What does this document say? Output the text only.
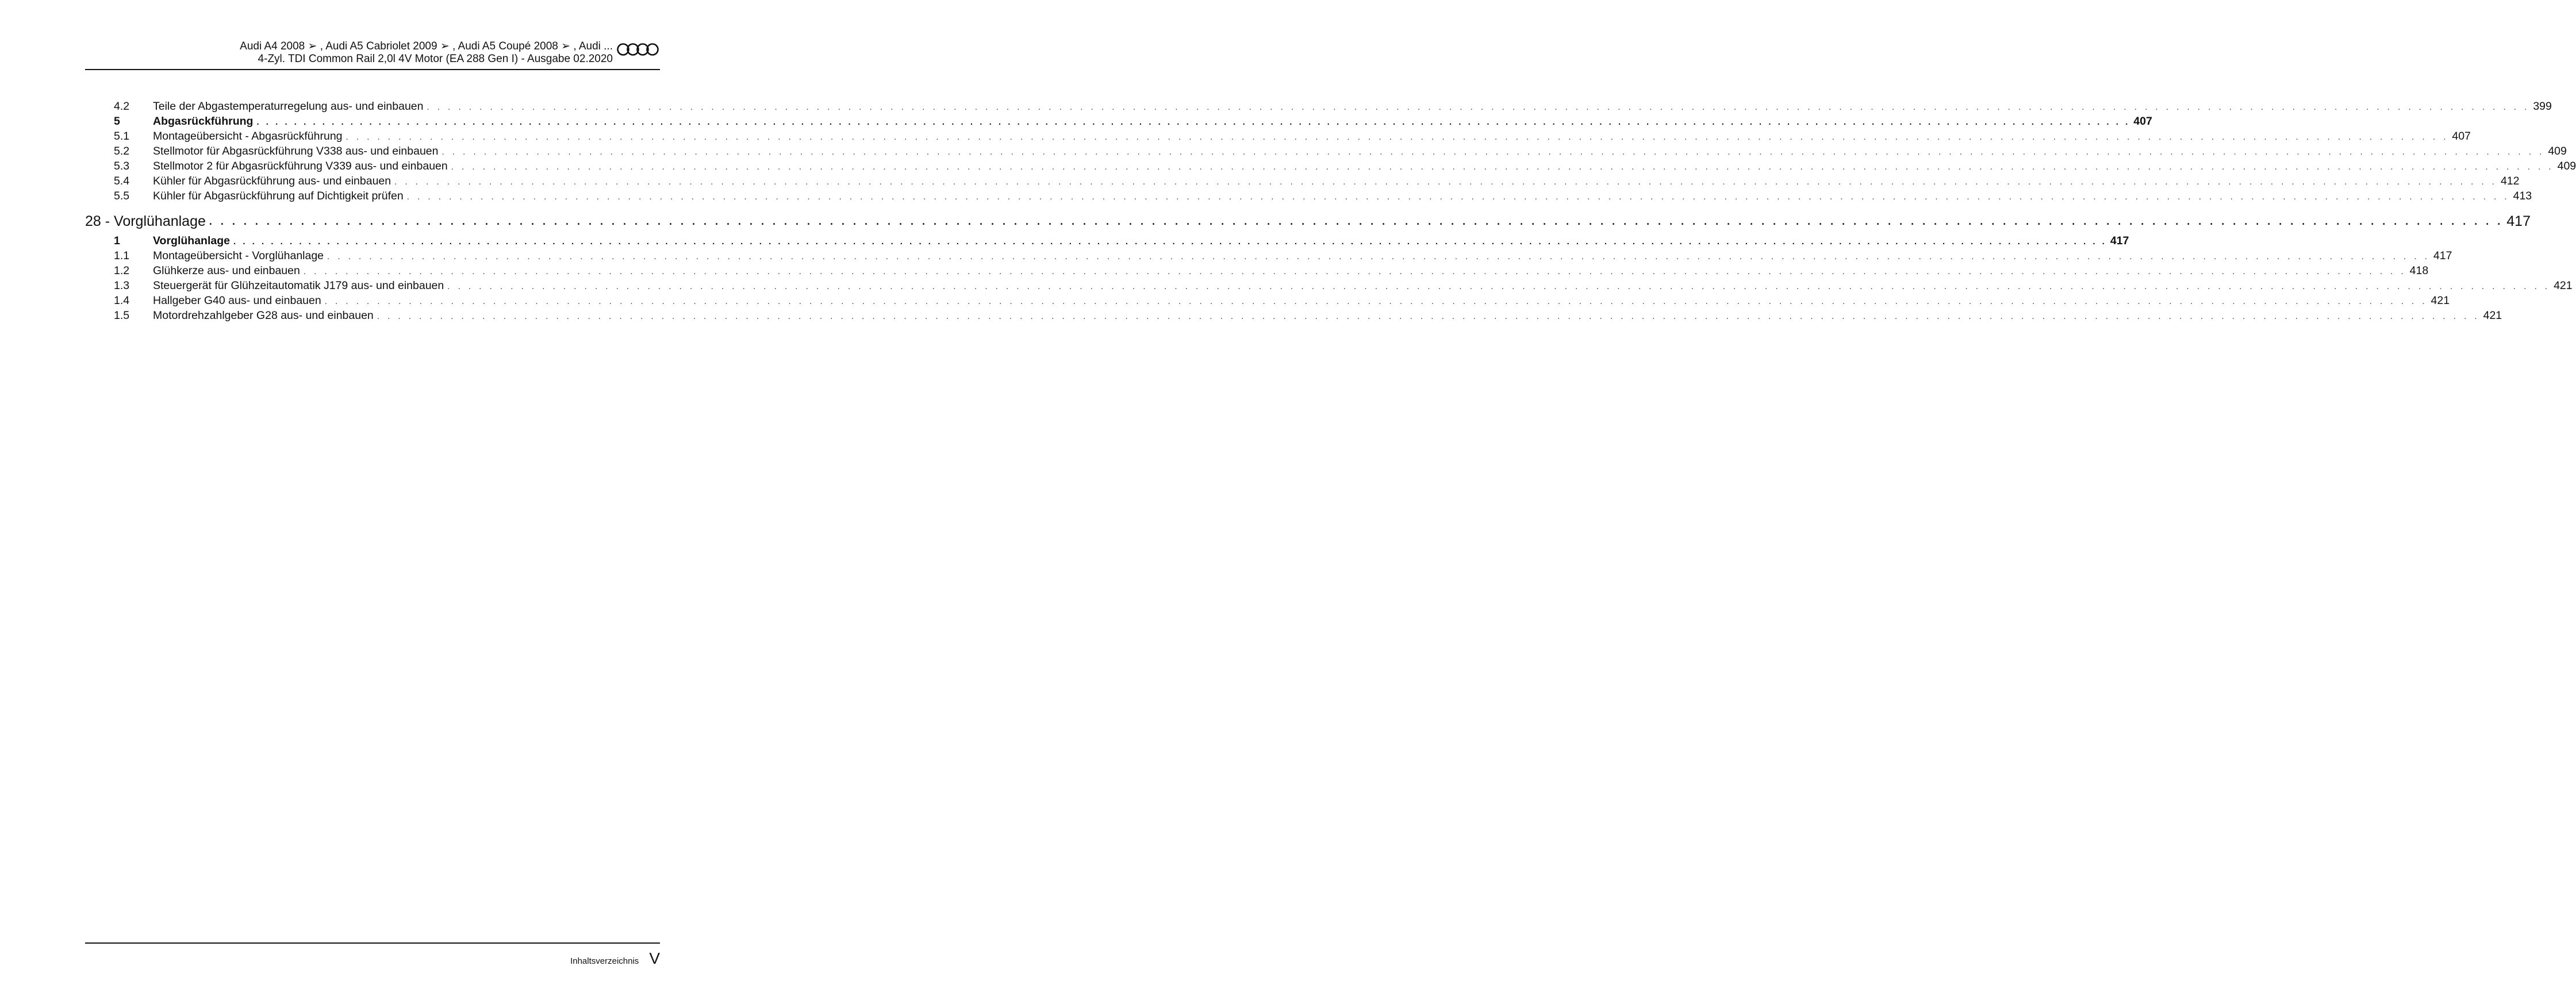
Audi A4 2008 ➢ , Audi A5 Cabriolet 2009 ➢ , Audi A5 Coupé 2008 ➢ , Audi ...
4-Zyl. TDI Common Rail 2,0l 4V Motor (EA 288 Gen I) - Ausgabe 02.2020
4.2 Teile der Abgastemperaturregelung aus- und einbauen . . . . . . . . . . . . . . . . . . . . . . . . . . . . . . . . . . . . . . . . . . . . . . . . . . . . . . . . . . . . . . . . . . . . . . . . . . . . . . . . . . . . . . . . . . . . . . . . . . . . . . . . . . . . . . . . . . . . . . . . . . . . . . . . . . . . . . . . . . . . . . . . . . . . . . . . . . . . . . . . . . . . . . . . . . . . . . . . . . . . . . . . . . . . . . . . . . . . . . . . 399
5	Abgasrückführung . . . . . . . . . . . . . . . . . . . . . . . . . . . . . . . . . . . . . . . . . . . . . . . . . . . . . . . . . . . . . . . . . . . . . . . . . . . . . . . . . . . . . . . . . . . . . . . . . . . . . . . . . . . . . . . . . . . . . . . . . . . . . . . . . . . . . . . . . . . . . . . . . . . . . . . . . . . . . . . . . . . . . . . . . . . . . . . . . . . . . . . . . . . . . . . . . . . . . . . . 407
5.1 Montageübersicht - Abgasrückführung . . . . . . . . . . . . . . . . . . . . . . . . . . . . . . . . . . . . . . . . . . . . . . . . . . . . . . . . . . . . . . . . . . . . . . . . . . . . . . . . . . . . . . . . . . . . . . . . . . . . . . . . . . . . . . . . . . . . . . . . . . . . . . . . . . . . . . . . . . . . . . . . . . . . . . . . . . . . . . . . . . . . . . . . . . . . . . . . . . . . . . . . . . . . . . . . . . . . . . . . 407
5.2 Stellmotor für Abgasrückführung V338 aus- und einbauen . . . . . . . . . . . . . . . . . . . . . . . . . . . . . . . . . . . . . . . . . . . . . . . . . . . . . . . . . . . . . . . . . . . . . . . . . . . . . . . . . . . . . . . . . . . . . . . . . . . . . . . . . . . . . . . . . . . . . . . . . . . . . . . . . . . . . . . . . . . . . . . . . . . . . . . . . . . . . . . . . . . . . . . . . . . . . . . . . . . . . . . . . . . . . . . . . . . . . . . . 409
5.3 Stellmotor 2 für Abgasrückführung V339 aus- und einbauen . . . . . . . . . . . . . . . . . . . . . . . . . . . . . . . . . . . . . . . . . . . . . . . . . . . . . . . . . . . . . . . . . . . . . . . . . . . . . . . . . . . . . . . . . . . . . . . . . . . . . . . . . . . . . . . . . . . . . . . . . . . . . . . . . . . . . . . . . . . . . . . . . . . . . . . . . . . . . . . . . . . . . . . . . . . . . . . . . . . . . . . . . . . . . . . . . . . . . . . . 409
5.4 Kühler für Abgasrückführung aus- und einbauen . . . . . . . . . . . . . . . . . . . . . . . . . . . . . . . . . . . . . . . . . . . . . . . . . . . . . . . . . . . . . . . . . . . . . . . . . . . . . . . . . . . . . . . . . . . . . . . . . . . . . . . . . . . . . . . . . . . . . . . . . . . . . . . . . . . . . . . . . . . . . . . . . . . . . . . . . . . . . . . . . . . . . . . . . . . . . . . . . . . . . . . . . . . . . . . . . . . . . . . . 412
5.5 Kühler für Abgasrückführung auf Dichtigkeit prüfen . . . . . . . . . . . . . . . . . . . . . . . . . . . . . . . . . . . . . . . . . . . . . . . . . . . . . . . . . . . . . . . . . . . . . . . . . . . . . . . . . . . . . . . . . . . . . . . . . . . . . . . . . . . . . . . . . . . . . . . . . . . . . . . . . . . . . . . . . . . . . . . . . . . . . . . . . . . . . . . . . . . . . . . . . . . . . . . . . . . . . . . . . . . . . . . . . . . . . . . . 413
28 - Vorglühanlage . . . . . . . . . . . . . . . . . . . . . . . . . . . . . . . . . . . . . . . . . . . . . . . . . . . . . . . . . . . . . . . . . . . . . . . . . . . . . . . . . . . . . . . . . . . . . . . . . . . . . . . . . . . . . . . . . . . . . . . . . . . . . . . . . . . . . . . . . . . . . . . . . . . . . . . . . . . . . . . . . . . . . . . . . . . . . . . . . . . . . . . . . . . . . . . . . . . . . . . . 417
1	Vorglühanlage . . . . . . . . . . . . . . . . . . . . . . . . . . . . . . . . . . . . . . . . . . . . . . . . . . . . . . . . . . . . . . . . . . . . . . . . . . . . . . . . . . . . . . . . . . . . . . . . . . . . . . . . . . . . . . . . . . . . . . . . . . . . . . . . . . . . . . . . . . . . . . . . . . . . . . . . . . . . . . . . . . . . . . . . . . . . . . . . . . . . . . . . . . . . . . . . . . . . . . . . 417
1.1 Montageübersicht - Vorglühanlage . . . . . . . . . . . . . . . . . . . . . . . . . . . . . . . . . . . . . . . . . . . . . . . . . . . . . . . . . . . . . . . . . . . . . . . . . . . . . . . . . . . . . . . . . . . . . . . . . . . . . . . . . . . . . . . . . . . . . . . . . . . . . . . . . . . . . . . . . . . . . . . . . . . . . . . . . . . . . . . . . . . . . . . . . . . . . . . . . . . . . . . . . . . . . . . . . . . . . . . . 417
1.2 Glühkerze aus- und einbauen . . . . . . . . . . . . . . . . . . . . . . . . . . . . . . . . . . . . . . . . . . . . . . . . . . . . . . . . . . . . . . . . . . . . . . . . . . . . . . . . . . . . . . . . . . . . . . . . . . . . . . . . . . . . . . . . . . . . . . . . . . . . . . . . . . . . . . . . . . . . . . . . . . . . . . . . . . . . . . . . . . . . . . . . . . . . . . . . . . . . . . . . . . . . . . . . . . . . . . . . 418
1.3 Steuergerät für Glühzeitautomatik J179 aus- und einbauen . . . . . . . . . . . . . . . . . . . . . . . . . . . . . . . . . . . . . . . . . . . . . . . . . . . . . . . . . . . . . . . . . . . . . . . . . . . . . . . . . . . . . . . . . . . . . . . . . . . . . . . . . . . . . . . . . . . . . . . . . . . . . . . . . . . . . . . . . . . . . . . . . . . . . . . . . . . . . . . . . . . . . . . . . . . . . . . . . . . . . . . . . . . . . . . . . . . . . . . . 421
1.4 Hallgeber G40 aus- und einbauen . . . . . . . . . . . . . . . . . . . . . . . . . . . . . . . . . . . . . . . . . . . . . . . . . . . . . . . . . . . . . . . . . . . . . . . . . . . . . . . . . . . . . . . . . . . . . . . . . . . . . . . . . . . . . . . . . . . . . . . . . . . . . . . . . . . . . . . . . . . . . . . . . . . . . . . . . . . . . . . . . . . . . . . . . . . . . . . . . . . . . . . . . . . . . . . . . . . . . . . . 421
1.5 Motordrehzahlgeber G28 aus- und einbauen . . . . . . . . . . . . . . . . . . . . . . . . . . . . . . . . . . . . . . . . . . . . . . . . . . . . . . . . . . . . . . . . . . . . . . . . . . . . . . . . . . . . . . . . . . . . . . . . . . . . . . . . . . . . . . . . . . . . . . . . . . . . . . . . . . . . . . . . . . . . . . . . . . . . . . . . . . . . . . . . . . . . . . . . . . . . . . . . . . . . . . . . . . . . . . . . . . . . . . . . 421
Inhaltsverzeichnis V
